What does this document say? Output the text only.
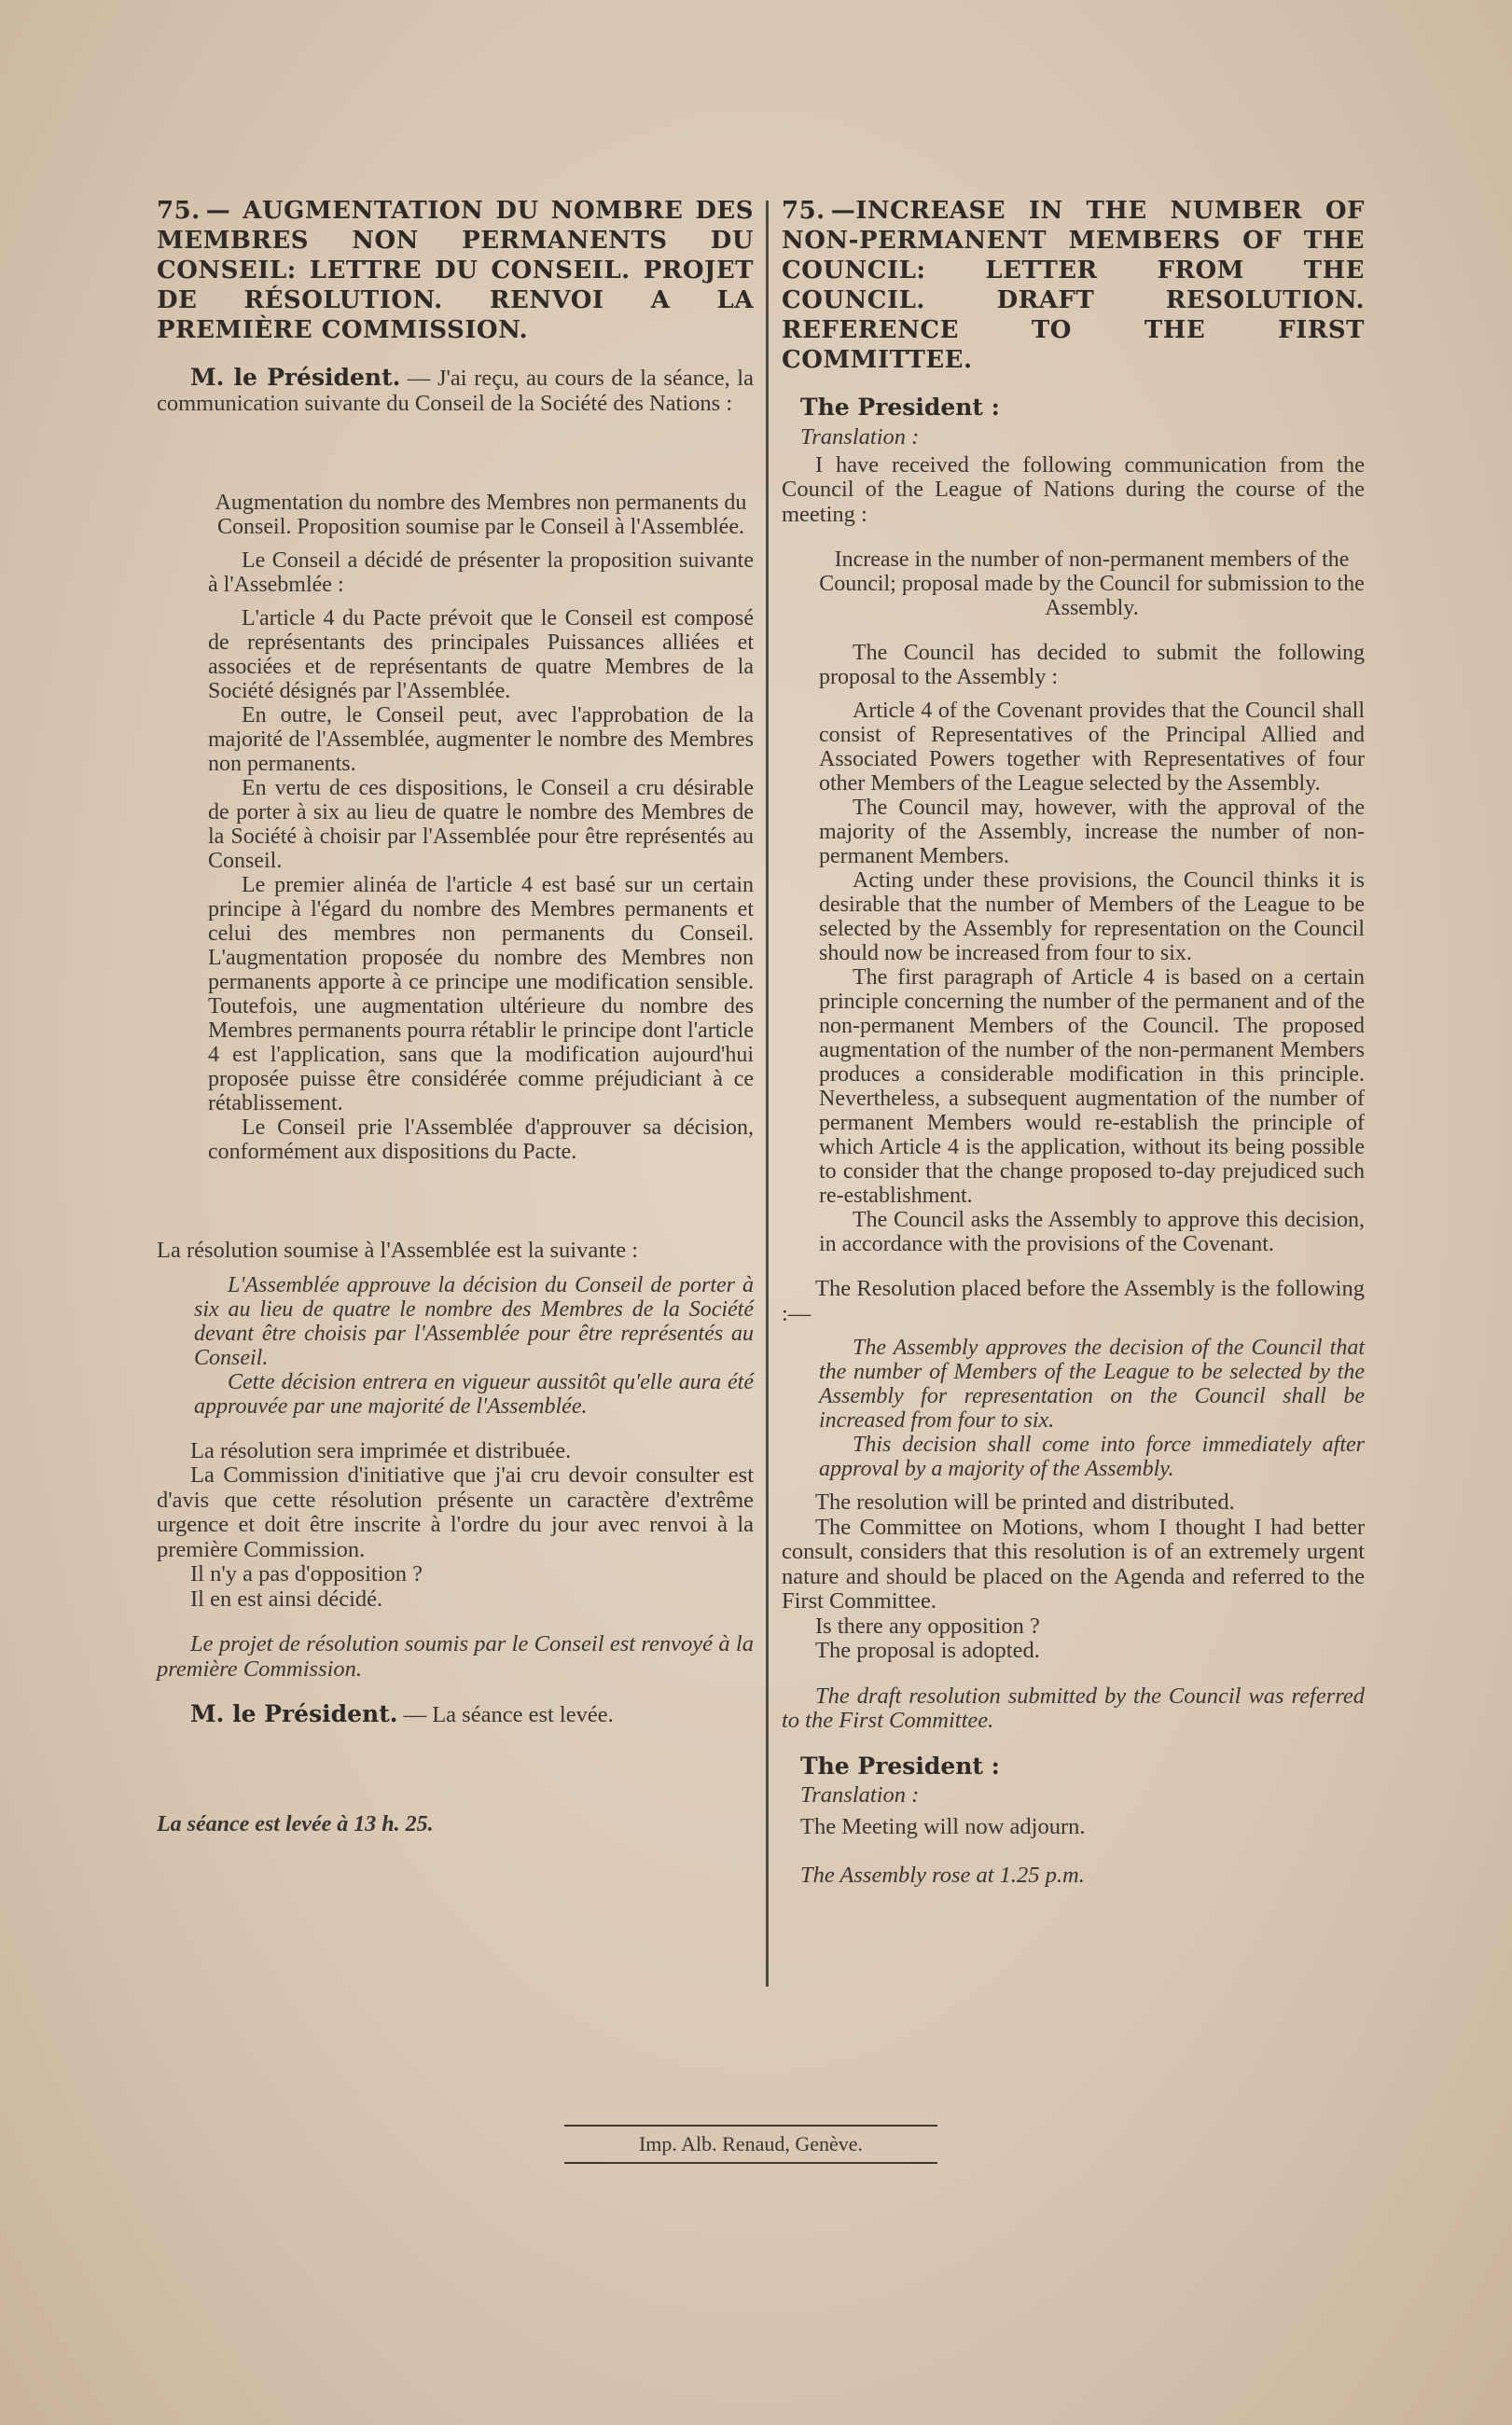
75. — AUGMENTATION DU NOMBRE DES MEMBRES NON PERMANENTS DU CONSEIL: LETTRE DU CONSEIL. PROJET DE RÉSOLUTION. RENVOI A LA PREMIÈRE COMMISSION.

M. le Président. — J'ai reçu, au cours de la séance, la communication suivante du Conseil de la Société des Nations :

Augmentation du nombre des Membres non permanents du Conseil. Proposition soumise par le Conseil à l'Assemblée.

Le Conseil a décidé de présenter la proposition suivante à l'Assebmlée :

L'article 4 du Pacte prévoit que le Conseil est composé de représentants des principales Puissances alliées et associées et de représentants de quatre Membres de la Société désignés par l'Assemblée.

En outre, le Conseil peut, avec l'approbation de la majorité de l'Assemblée, augmenter le nombre des Membres non permanents.

En vertu de ces dispositions, le Conseil a cru désirable de porter à six au lieu de quatre le nombre des Membres de la Société à choisir par l'Assemblée pour être représentés au Conseil.

Le premier alinéa de l'article 4 est basé sur un certain principe à l'égard du nombre des Membres permanents et celui des membres non permanents du Conseil. L'augmentation proposée du nombre des Membres non permanents apporte à ce principe une modification sensible. Toutefois, une augmentation ultérieure du nombre des Membres permanents pourra rétablir le principe dont l'article 4 est l'application, sans que la modification aujourd'hui proposée puisse être considérée comme préjudiciant à ce rétablissement.

Le Conseil prie l'Assemblée d'approuver sa décision, conformément aux dispositions du Pacte.

La résolution soumise à l'Assemblée est la suivante :

L'Assemblée approuve la décision du Conseil de porter à six au lieu de quatre le nombre des Membres de la Société devant être choisis par l'Assemblée pour être représentés au Conseil.

Cette décision entrera en vigueur aussitôt qu'elle aura été approuvée par une majorité de l'Assemblée.

La résolution sera imprimée et distribuée.

La Commission d'initiative que j'ai cru devoir consulter est d'avis que cette résolution présente un caractère d'extrême urgence et doit être inscrite à l'ordre du jour avec renvoi à la première Commission.

Il n'y a pas d'opposition ?

Il en est ainsi décidé.

Le projet de résolution soumis par le Conseil est renvoyé à la première Commission.

M. le Président. — La séance est levée.

La séance est levée à 13 h. 25.

75. —INCREASE IN THE NUMBER OF NON-PERMANENT MEMBERS OF THE COUNCIL: LETTER FROM THE COUNCIL. DRAFT RESOLUTION. REFERENCE TO THE FIRST COMMITTEE.

The President :

Translation :

I have received the following communication from the Council of the League of Nations during the course of the meeting :

Increase in the number of non-permanent members of the Council; proposal made by the Council for submission to the Assembly.

The Council has decided to submit the following proposal to the Assembly :

Article 4 of the Covenant provides that the Council shall consist of Representatives of the Principal Allied and Associated Powers together with Representatives of four other Members of the League selected by the Assembly.

The Council may, however, with the approval of the majority of the Assembly, increase the number of non-permanent Members.

Acting under these provisions, the Council thinks it is desirable that the number of Members of the League to be selected by the Assembly for representation on the Council should now be increased from four to six.

The first paragraph of Article 4 is based on a certain principle concerning the number of the permanent and of the non-permanent Members of the Council. The proposed augmentation of the number of the non-permanent Members produces a considerable modification in this principle. Nevertheless, a subsequent augmentation of the number of permanent Members would re-establish the principle of which Article 4 is the application, without its being possible to consider that the change proposed to-day prejudiced such re-establishment.

The Council asks the Assembly to approve this decision, in accordance with the provisions of the Covenant.

The Resolution placed before the Assembly is the following :—

The Assembly approves the decision of the Council that the number of Members of the League to be selected by the Assembly for representation on the Council shall be increased from four to six.

This decision shall come into force immediately after approval by a majority of the Assembly.

The resolution will be printed and distributed.

The Committee on Motions, whom I thought I had better consult, considers that this resolution is of an extremely urgent nature and should be placed on the Agenda and referred to the First Committee.

Is there any opposition ?

The proposal is adopted.

The draft resolution submitted by the Council was referred to the First Committee.

The President :

Translation :

The Meeting will now adjourn.

The Assembly rose at 1.25 p.m.

Imp. Alb. Renaud, Genève.
